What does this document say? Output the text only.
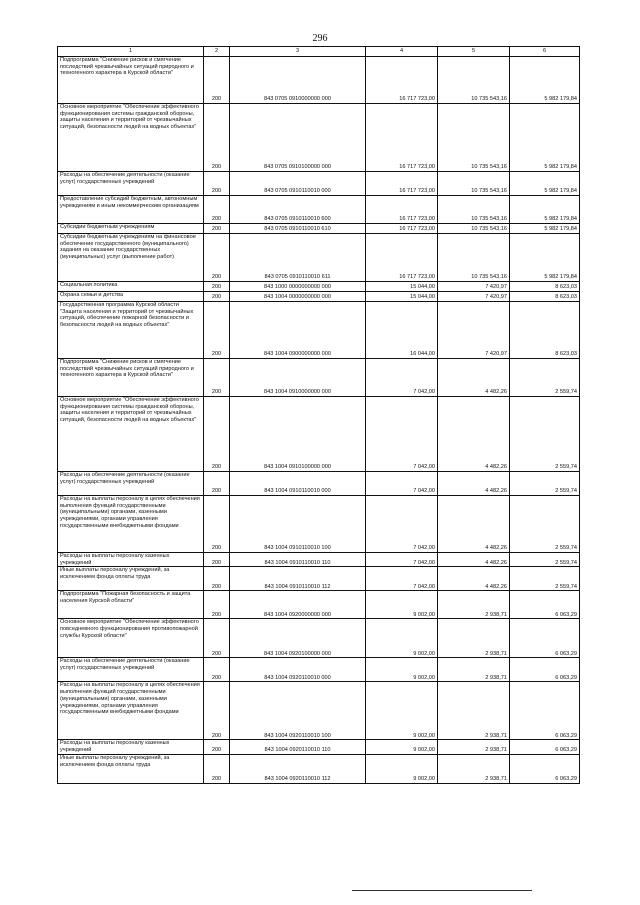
296
1	2	3	4	5	6
Подпрограмма "Снижение рисков и смягчение последствий чрезвычайных ситуаций природного и техногенного характера в Курской области"	200	843 0705 0910000000 000	16 717 723,00	10 735 543,16	5 982 179,84
Основное мероприятие "Обеспечение эффективного функционирования системы гражданской обороны, защиты населения и территорий от чрезвычайных ситуаций, безопасности людей на водных объектах"	200	843 0705 0910100000 000	16 717 723,00	10 735 543,16	5 982 179,84
Расходы на обеспечение деятельности (оказание услуг) государственных учреждений	200	843 0705 0910110010 000	16 717 723,00	10 735 543,16	5 982 179,84
Предоставление субсидий бюджетным, автономным учреждениям и иным некоммерческим организациям	200	843 0705 0910110010 600	16 717 723,00	10 735 543,16	5 982 179,84
Субсидии бюджетным учреждениям	200	843 0705 0910110010 610	16 717 723,00	10 735 543,16	5 982 179,84
Субсидии бюджетным учреждениям на финансовое обеспечение государственного (муниципального) задания на оказание государственных (муниципальных) услуг (выполнение работ)	200	843 0705 0910110010 611	16 717 723,00	10 735 543,16	5 982 179,84
Социальная политика	200	843 1000 0000000000 000	15 044,00	7 420,97	8 623,03
Охрана семьи и детства	200	843 1004 0000000000 000	15 044,00	7 420,97	8 623,03
Государственная программа Курской области "Защита населения и территорий от чрезвычайных ситуаций, обеспечение пожарной безопасности и безопасности людей на водных объектах"	200	843 1004 0900000000 000	16 044,00	7 420,97	8 623,03
Подпрограмма "Снижение рисков и смягчение последствий чрезвычайных ситуаций природного и техногенного характера в Курской области"	200	843 1004 0910000000 000	7 042,00	4 482,26	2 559,74
Основное мероприятие "Обеспечение эффективного функционирования системы гражданской обороны, защиты населения и территорий от чрезвычайных ситуаций, безопасности людей на водных объектах"	200	843 1004 0910100000 000	7 042,00	4 482,26	2 559,74
Расходы на обеспечение деятельности (оказание услуг) государственных учреждений	200	843 1004 0910110010 000	7 042,00	4 482,26	2 559,74
Расходы на выплаты персоналу в целях обеспечения выполнения функций государственными (муниципальными) органами, казенными учреждениями, органами управления государственными внебюджетными фондами	200	843 1004 0910110010 100	7 042,00	4 482,26	2 559,74
Расходы на выплаты персоналу казенных учреждений	200	843 1004 0910110010 110	7 042,00	4 482,26	2 559,74
Иные выплаты персоналу учреждений, за исключением фонда оплаты труда	200	843 1004 0910110010 112	7 042,00	4 482,26	2 559,74
Подпрограмма "Пожарная безопасность и защита населения Курской области"	200	843 1004 0920000000 000	9 002,00	2 938,71	6 063,29
Основное мероприятие "Обеспечение эффективного повседневного функционирования противопожарной службы Курской области"	200	843 1004 0920100000 000	9 002,00	2 938,71	6 063,29
Расходы на обеспечение деятельности (оказание услуг) государственных учреждений	200	843 1004 0920110010 000	9 002,00	2 938,71	6 063,29
Расходы на выплаты персоналу в целях обеспечения выполнения функций государственными (муниципальными) органами, казенными учреждениями, органами управления государственными внебюджетными фондами	200	843 1004 0920110010 100	9 002,00	2 938,71	6 063,29
Расходы на выплаты персоналу казенных учреждений	200	843 1004 0920110010 110	9 002,00	2 938,71	6 063,29
Иные выплаты персоналу учреждений, за исключением фонда оплаты труда	200	843 1004 0920110010 112	9 002,00	2 938,71	6 063,29
